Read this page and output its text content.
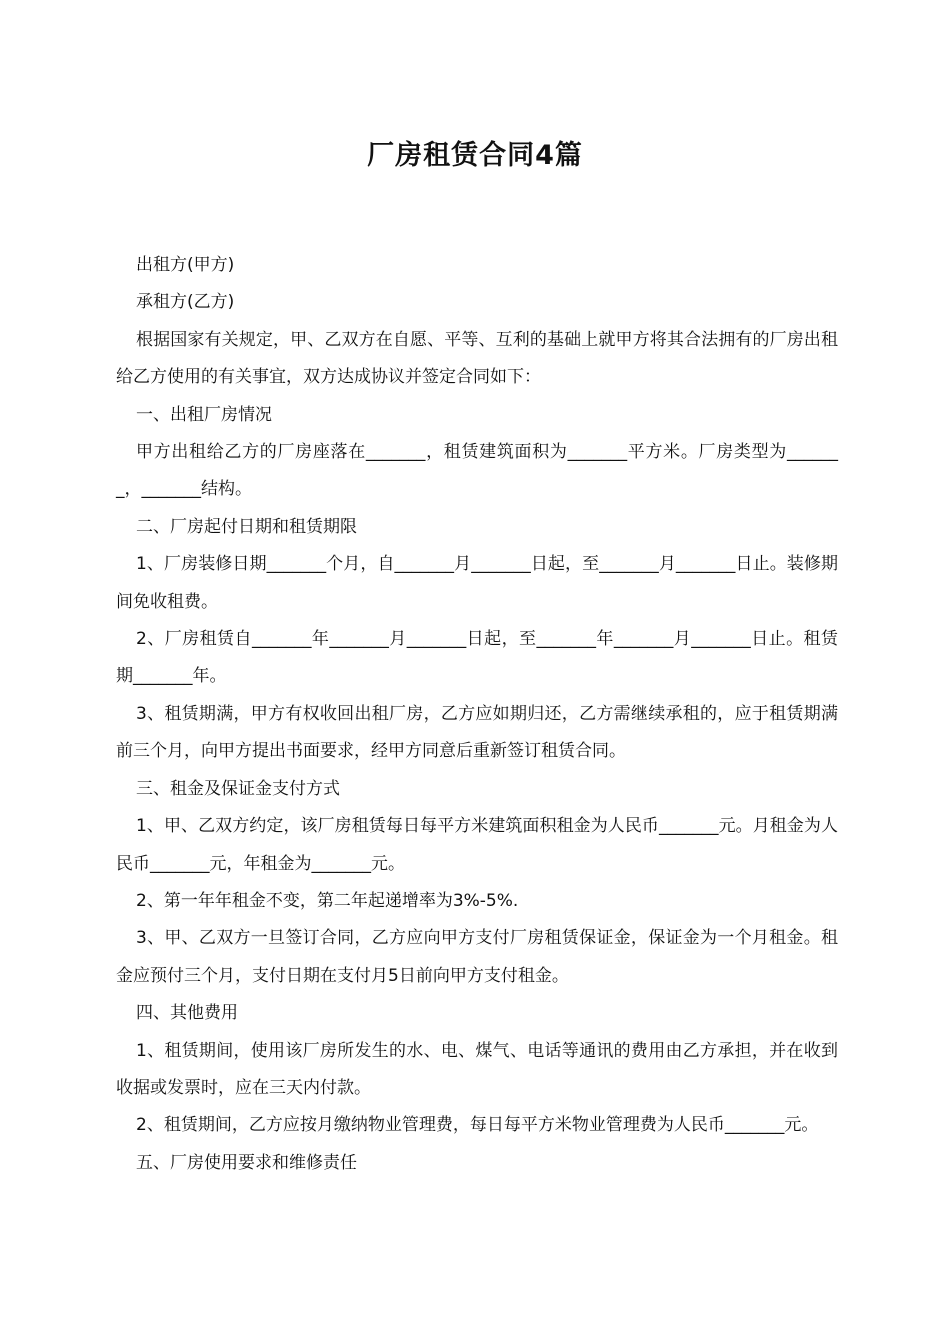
厂房租赁合同4篇

出租方(甲方)

承租方(乙方)

根据国家有关规定，甲、乙双方在自愿、平等、互利的基础上就甲方将其合法拥有的厂房出租给乙方使用的有关事宜，双方达成协议并签定合同如下：

一、出租厂房情况

甲方出租给乙方的厂房座落在_______，租赁建筑面积为_______平方米。厂房类型为_______，_______结构。

二、厂房起付日期和租赁期限

1、厂房装修日期_______个月，自_______月_______日起，至_______月_______日止。装修期间免收租费。

2、厂房租赁自_______年_______月_______日起，至_______年_______月_______日止。租赁期_______年。

3、租赁期满，甲方有权收回出租厂房，乙方应如期归还，乙方需继续承租的，应于租赁期满前三个月，向甲方提出书面要求，经甲方同意后重新签订租赁合同。

三、租金及保证金支付方式

1、甲、乙双方约定，该厂房租赁每日每平方米建筑面积租金为人民币_______元。月租金为人民币_______元，年租金为_______元。

2、第一年年租金不变，第二年起递增率为3%-5%.

3、甲、乙双方一旦签订合同，乙方应向甲方支付厂房租赁保证金，保证金为一个月租金。租金应预付三个月，支付日期在支付月5日前向甲方支付租金。

四、其他费用

1、租赁期间，使用该厂房所发生的水、电、煤气、电话等通讯的费用由乙方承担，并在收到收据或发票时，应在三天内付款。

2、租赁期间，乙方应按月缴纳物业管理费，每日每平方米物业管理费为人民币_______元。

五、厂房使用要求和维修责任
